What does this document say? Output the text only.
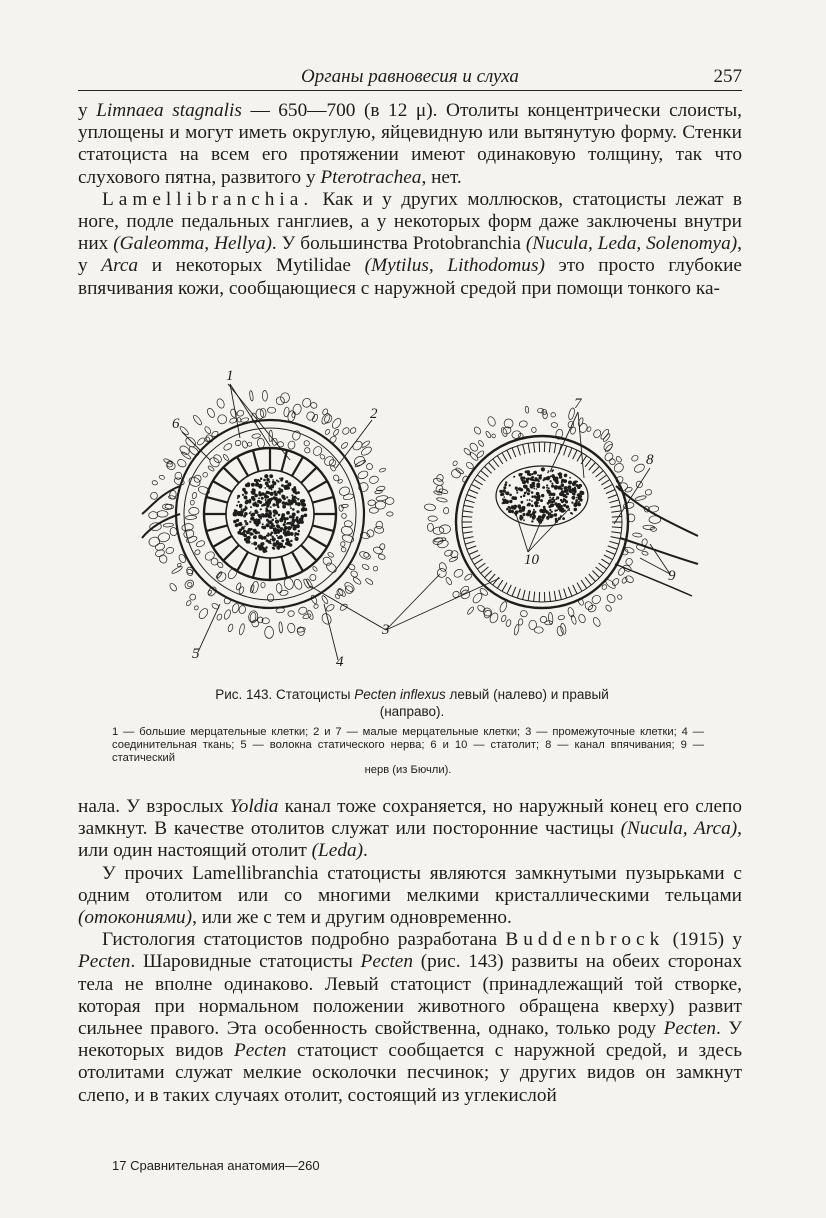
Органы равновесия и слуха	257

у Limnaea stagnalis — 650—700 (в 12 μ). Отолиты концентрически слоисты, уплощены и могут иметь округлую, яйцевидную или вытянутую форму. Стенки статоциста на всем его протяжении имеют одинаковую толщину, так что слухового пятна, развитого у Pterotrachea, нет.

Lamellibranchia. Как и у других моллюсков, статоцисты лежат в ноге, подле педальных ганглиев, а у некоторых форм даже заключены внутри них (Galeomma, Hellya). У большинства Protobranchia (Nucula, Leda, Solenomya), у Arca и некоторых Mytilidae (Mytilus, Lithodomus) это просто глубокие впячивания кожи, сообщающиеся с наружной средой при помощи тонкого ка-

1
2
3
4
5
6
7
8
9
10
Рис. 143. Статоцисты Pecten inflexus левый (налево) и правый
(направо).
1 — большие мерцательные клетки; 2 и 7 — малые мерцательные клетки; 3 — промежуточные клетки; 4 — соединительная ткань; 5 — волокна статического нерва; 6 и 10 — статолит; 8 — канал впячивания; 9 — статический
нерв (из Бючли).

нала. У взрослых Yoldia канал тоже сохраняется, но наружный конец его слепо замкнут. В качестве отолитов служат или посторонние частицы (Nucula, Arca), или один настоящий отолит (Leda).

У прочих Lamellibranchia статоцисты являются замкнутыми пузырьками с одним отолитом или со многими мелкими кристаллическими тельцами (отокониями), или же с тем и другим одновременно.

Гистология статоцистов подробно разработана Buddenbrock (1915) у Pecten. Шаровидные статоцисты Pecten (рис. 143) развиты на обеих сторонах тела не вполне одинаково. Левый статоцист (принадлежащий той створке, которая при нормальном положении животного обращена кверху) развит сильнее правого. Эта особенность свойственна, однако, только роду Pecten. У некоторых видов Pecten статоцист сообщается с наружной средой, и здесь отолитами служат мелкие осколочки песчинок; у других видов он замкнут слепо, и в таких случаях отолит, состоящий из углекислой

17 Сравнительная анатомия—260
